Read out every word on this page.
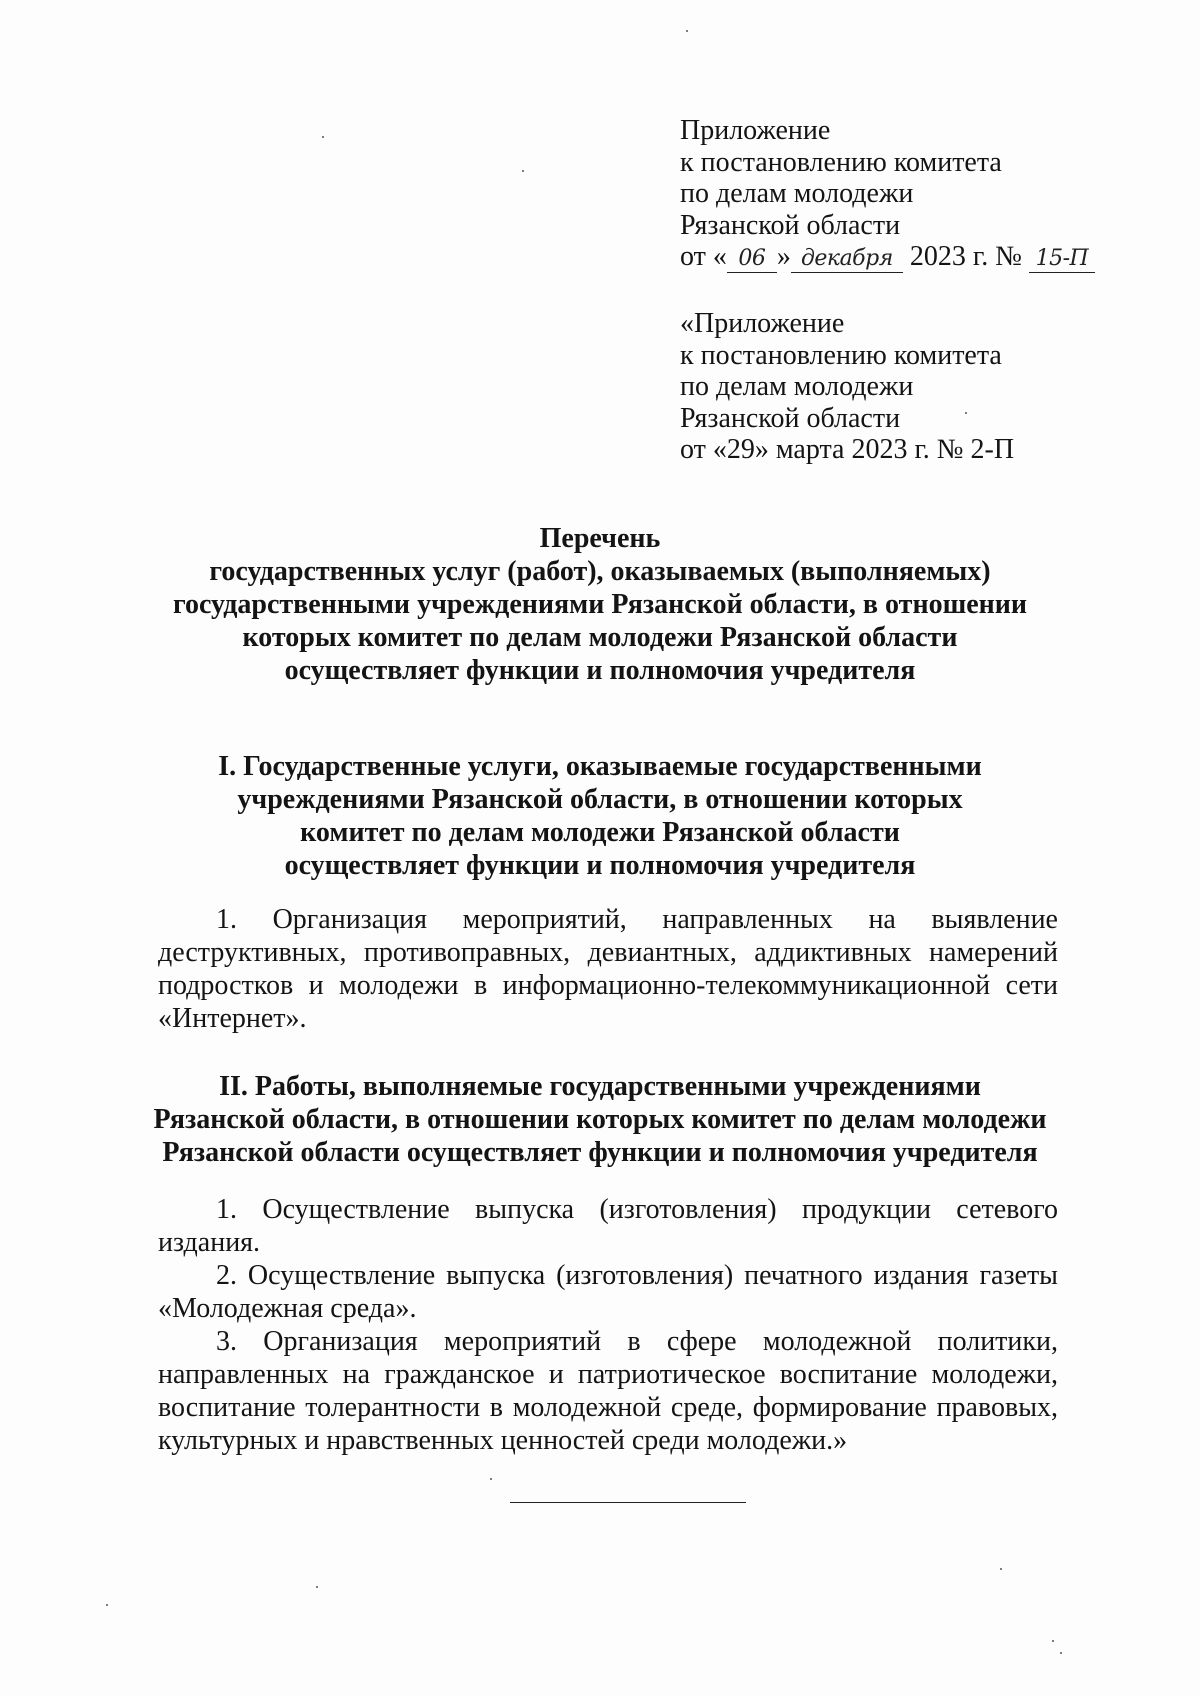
Приложение
к постановлению комитета
по делам молодежи
Рязанской области
от « 06 » декабря 2023 г. № 15-П
«Приложение
к постановлению комитета
по делам молодежи
Рязанской области
от «29» марта 2023 г. № 2-П
Перечень
государственных услуг (работ), оказываемых (выполняемых)
государственными учреждениями Рязанской области, в отношении
которых комитет по делам молодежи Рязанской области
осуществляет функции и полномочия учредителя
I. Государственные услуги, оказываемые государственными
учреждениями Рязанской области, в отношении которых
комитет по делам молодежи Рязанской области
осуществляет функции и полномочия учредителя
1. Организация мероприятий, направленных на выявление деструктивных, противоправных, девиантных, аддиктивных намерений подростков и молодежи в информационно-телекоммуникационной сети «Интернет».
II. Работы, выполняемые государственными учреждениями
Рязанской области, в отношении которых комитет по делам молодежи
Рязанской области осуществляет функции и полномочия учредителя
1. Осуществление выпуска (изготовления) продукции сетевого издания.
2. Осуществление выпуска (изготовления) печатного издания газеты «Молодежная среда».
3. Организация мероприятий в сфере молодежной политики, направленных на гражданское и патриотическое воспитание молодежи, воспитание толерантности в молодежной среде, формирование правовых, культурных и нравственных ценностей среди молодежи.»
